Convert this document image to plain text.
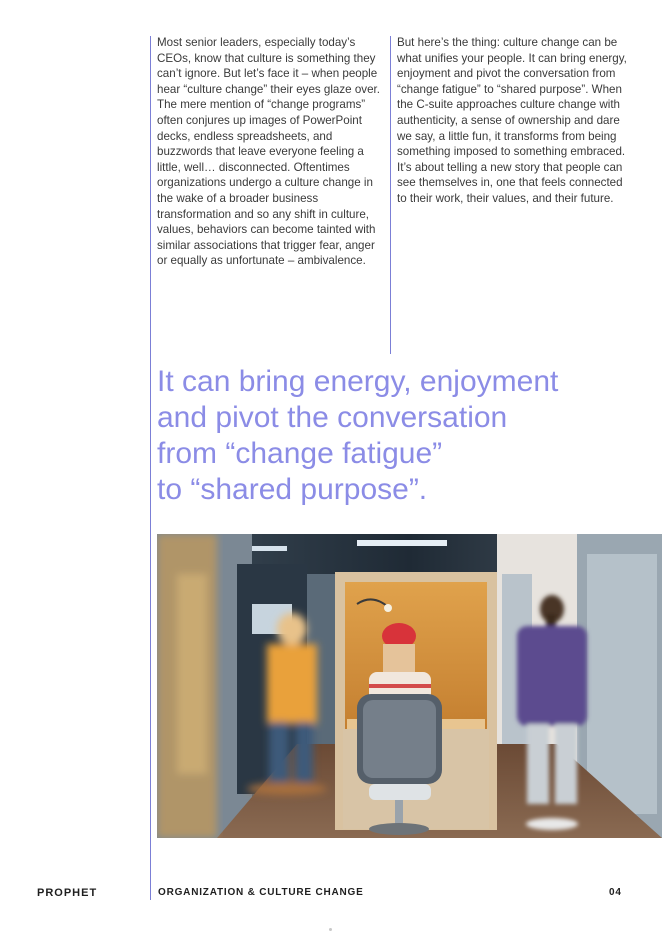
Most senior leaders, especially today’s CEOs, know that culture is something they can’t ignore. But let’s face it – when people hear “culture change” their eyes glaze over. The mere mention of “change programs” often conjures up images of PowerPoint decks, endless spreadsheets, and buzzwords that leave everyone feeling a little, well… disconnected. Oftentimes organizations undergo a culture change in the wake of a broader business transformation and so any shift in culture, values, behaviors can become tainted with similar associations that trigger fear, anger or equally as unfortunate – ambivalence.
But here’s the thing: culture change can be what unifies your people. It can bring energy, enjoyment and pivot the conversation from “change fatigue” to “shared purpose”. When the C-suite approaches culture change with authenticity, a sense of ownership and dare we say, a little fun, it transforms from being something imposed to something embraced. It’s about telling a new story that people can see themselves in, one that feels connected to their work, their values, and their future.
It can bring energy, enjoyment
and pivot the conversation
from “change fatigue”
to “shared purpose”.
PROPHET	ORGANIZATION & CULTURE CHANGE	04
